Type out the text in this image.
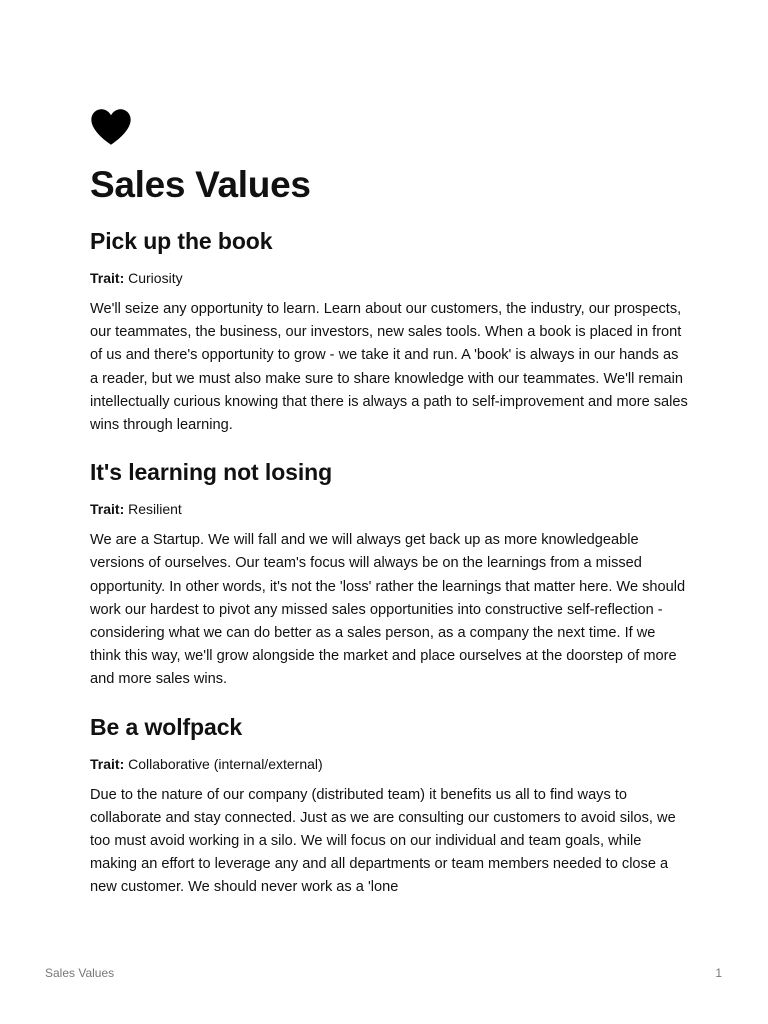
Sales Values
Pick up the book

Trait: Curiosity

We'll seize any opportunity to learn. Learn about our customers, the industry, our prospects, our teammates, the business, our investors, new sales tools. When a book is placed in front of us and there's opportunity to grow - we take it and run. A 'book' is always in our hands as a reader, but we must also make sure to share knowledge with our teammates. We'll remain intellectually curious knowing that there is always a path to self-improvement and more sales wins through learning.

It's learning not losing

Trait: Resilient

We are a Startup. We will fall and we will always get back up as more knowledgeable versions of ourselves. Our team's focus will always be on the learnings from a missed opportunity. In other words, it's not the 'loss' rather the learnings that matter here. We should work our hardest to pivot any missed sales opportunities into constructive self-reflection - considering what we can do better as a sales person, as a company the next time. If we think this way, we'll grow alongside the market and place ourselves at the doorstep of more and more sales wins.

Be a wolfpack

Trait: Collaborative (internal/external)

Due to the nature of our company (distributed team) it benefits us all to find ways to collaborate and stay connected. Just as we are consulting our customers to avoid silos, we too must avoid working in a silo. We will focus on our individual and team goals, while making an effort to leverage any and all departments or team members needed to close a new customer. We should never work as a 'lone

Sales Values	1
